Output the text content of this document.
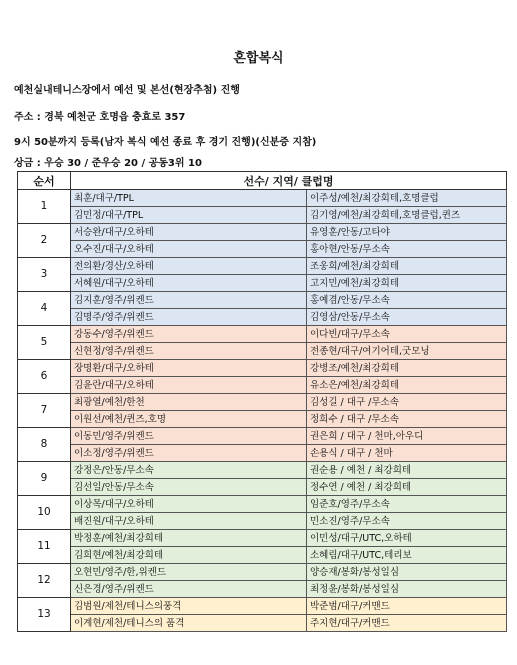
혼합복식
예천실내테니스장에서 예선 및 본선(현장추첨) 진행
주소 : 경북 예천군 호명읍 충효로 357
9시 50분까지 등록(남자 복식 예선 종료 후 경기 진행)(신분증 지참)
상금 : 우승 30 / 준우승 20 / 공동3위 10
순서	선수/ 지역/ 클럽명	
1	최훈/대구/TPL	이주성/예천/최강회테,호명클럽
	김민정/대구/TPL	김기영/예천/최강희테,호명클럽,퀸즈
2	서승완/대구/오하테	유영훈/안동/고타야
	오수진/대구/오하테	홍아현/안동/무소속
3	전의환/경산/오하테	조웅희/예천/최강희테
	서혜원/대구/오하테	고지민/예천/최강희테
4	김지훈/영주/위켄드	홍예겸/안동/무소속
	김명주/영주/위켄드	김영삼/안동/무소속
5	강동수/영주/위켄드	이다빈/대구/무소속
	신현정/영주/위켄드	전종현/대구/여기어테,굿모닝
6	장명환/대구/오하테	강병조/예천/최강희테
	김윤란/대구/오하테	유소은/예천/최강희테
7	최광열/예천/한천	김성길 / 대구 /무소속
	이원선/예천/퀸즈,호명	정희수 / 대구 /무소속
8	이동민/영주/위켄드	권은희 / 대구 / 천마,아우디
	이소정/영주/위켄드	손용식 / 대구 / 천마
9	강정은/안동/무소속	권순용 / 예천 / 최강희테
	김선일/안동/무소속	정수연 / 예천 / 최강희테
10	이상목/대구/오하테	임준호/영주/무소속
	배진원/대구/오하테	민소진/영주/무소속
11	박정훈/예천/최강희테	이민성/대구/UTC,오하테
	김희현/예천/최강희테	소혜림/대구/UTC,테리보
12	오현민/영주/한,위켄드	양승재/봉화/봉성일심
	신은경/영주/위켄드	최정윤/봉화/봉성일심
13	김범원/제천/테니스의풍격	박준범/대구/커맨드
	이계현/제천/테니스의 품격	주지현/대구/커맨드
